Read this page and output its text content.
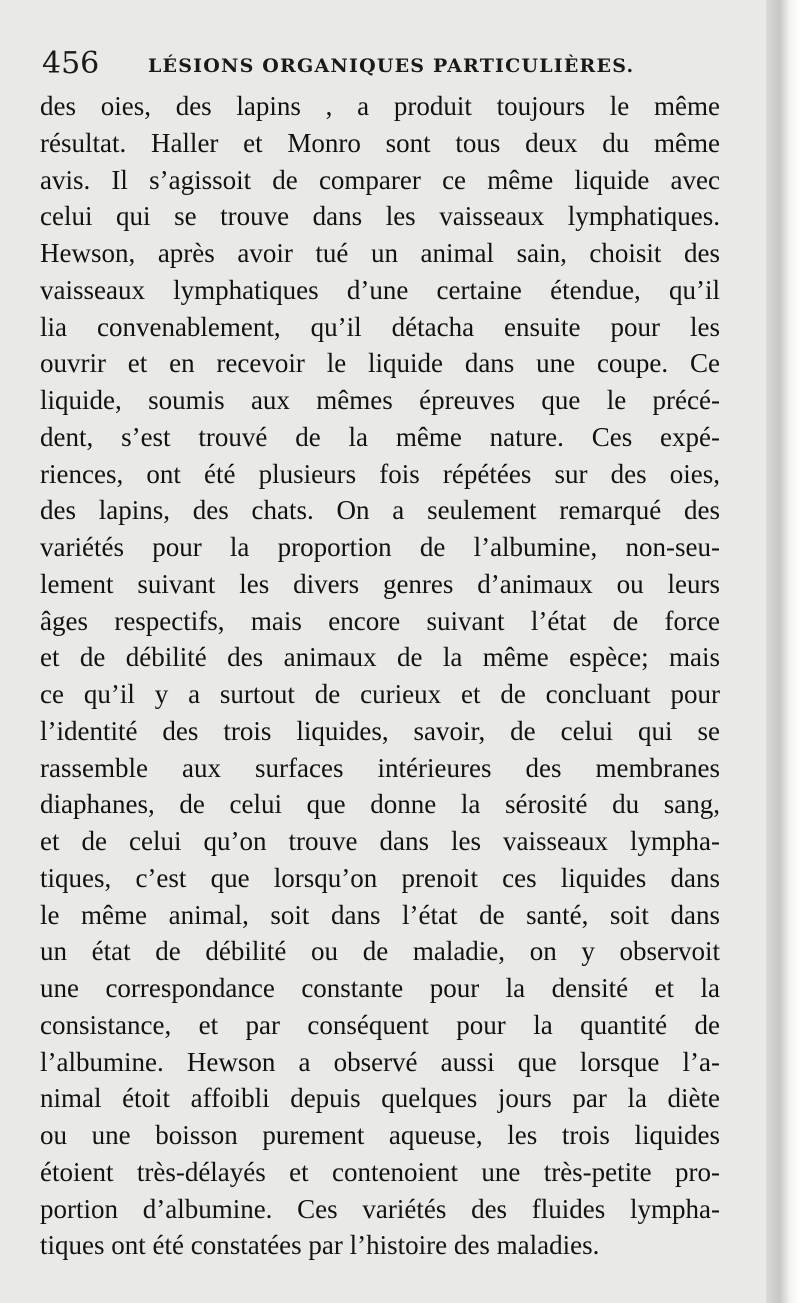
456	LÉSIONS ORGANIQUES PARTICULIÈRES.
des oies, des lapins , a produit toujours le même
résultat. Haller et Monro sont tous deux du même
avis. Il s’agissoit de comparer ce même liquide avec
celui qui se trouve dans les vaisseaux lymphatiques.
Hewson, après avoir tué un animal sain, choisit des
vaisseaux lymphatiques d’une certaine étendue, qu’il
lia convenablement, qu’il détacha ensuite pour les
ouvrir et en recevoir le liquide dans une coupe. Ce
liquide, soumis aux mêmes épreuves que le précé-
dent, s’est trouvé de la même nature. Ces expé-
riences, ont été plusieurs fois répétées sur des oies,
des lapins, des chats. On a seulement remarqué des
variétés pour la proportion de l’albumine, non-seu-
lement suivant les divers genres d’animaux ou leurs
âges respectifs, mais encore suivant l’état de force
et de débilité des animaux de la même espèce; mais
ce qu’il y a surtout de curieux et de concluant pour
l’identité des trois liquides, savoir, de celui qui se
rassemble aux surfaces intérieures des membranes
diaphanes, de celui que donne la sérosité du sang,
et de celui qu’on trouve dans les vaisseaux lympha-
tiques, c’est que lorsqu’on prenoit ces liquides dans
le même animal, soit dans l’état de santé, soit dans
un état de débilité ou de maladie, on y observoit
une correspondance constante pour la densité et la
consistance, et par conséquent pour la quantité de
l’albumine. Hewson a observé aussi que lorsque l’a-
nimal étoit affoibli depuis quelques jours par la diète
ou une boisson purement aqueuse, les trois liquides
étoient très-délayés et contenoient une très-petite pro-
portion d’albumine. Ces variétés des fluides lympha-
tiques ont été constatées par l’histoire des maladies.
